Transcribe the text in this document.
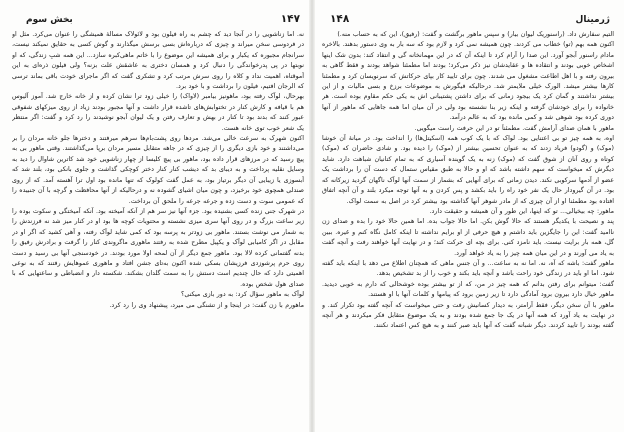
۱۴۷
بخش سوم

نه. اما زناشویی را در آنجا دید که چشم به راه فیلون بود و لائولاک مسالهٔ همیشگی را عنوان می‌کرد. مثل او در فردوسی سخن میراند و چیزی که درباره‌اش بسی برسش میگذارند و گوش کسی به حقایق نمیکند نیست، سرانجام مجبوره که یکبار و برای همیشه این موضوع را با خاتم ماهی‌کبره سازد... این همه شبِ زندگی، که او نوبتها در پی پدرخواندگی را دنبال کرد و همسان دختری به عاشقش علت بزنه؟ ولی فیلون ذره‌ای به این آموقتاه، اهمیت نداد و کلاه را روی سرش مرتب کرد و تشکری گفت که اگر ماجرای خودت باقی بماند ترسی که الرجان افتیم، فیلون را برداشت و با خود برد.

بهرحال، لوآک رفته بود، ماهونیز بیامبر (لاواک) را خیلی زود ترا نشان کرده و از خانه خارج شد. آموز آلیوس هم با قیافه و کارش کنار در تختوابش‌های تاشده قرار داشت و آنها مجبور بودند زیاد از روی میزکهای شفوقی عبور کنند که بدند بود تا کنار در بهش و تعارف رفتن و یک لیوان آبجو نوشیدند را رد کرد و گفت: اگر منتظر یک شعر خوب توی خانه هست.

اکنون شهرک به سرعت خالی می‌شد. مردها روی پشت‌بام‌ها سرهم میرفتند و دخترها جلو خانه مردان را بر می‌داشتند و خود بازی دیگری را از چیزی که در جاهه متقابل مسیر مردان برپا می‌گذاشتند. وقتی ماهور بی به پیچ رسید که در مرزهای قرار داده بود، ماهور بی پیچ کلیسا از چهار زناشویی خود شد کاترین شاوال را دید به وسایل نقلیه پرداخت و به دیبای بد که دیشب کنار کنار دختر کوچکی گذاشت و جلوی بانکی بود، بلند شد که آبسوزی یا زیبایی آن دیگر برتیاز بود، به عمل گفت کولوک که تنها مانده بود اول ترا آهسته آمد. که از روی صندلی همچوی خود برخیزد، و چون میان اشیای گشوده نه و درحالیکه از آنها محافظت و گرچه با آن جنبیده را که عمومی سوت و دست زده و جرعه جرعه را ملحق آن برداخت.

در شهرک جنی زنده کسی بشنیده بود. جزء آنها نیز سر هم از آنکه آمیخته بود. آنکه آمیختگی و سکوت بوده را زیر ساعت بزرگ و در روی آنها سری میزی نشسته و محتویات کوچه ها بود او در کنار میز شد نه فرزندش را به شمار می نوشت بستند. ماهور بی زودتر به پرسه بود که کمی شاید لوآک رفته، و آهی کشید که اگر او در مقابل در اگر کامیابی لوآک و یکپیل مطرح شده به رفتند ماهوری ماگروندی کنار را گرفت و برادرش رفیق را بدنه گفتمانی کرده لالا بود. ماهور جمع دیگر از آن لمحه اولا مورد بودند. در خودسنجی آنها بی رسید و دست روی حرم پرشوزدی فرزیشان بسکی شده اکنون به‌تای جشن افتاد و ماهوری عموهایش رفتند که به نوعی اهمیتی دارد که حال چندیم است دستش را به سمت گلدان بشکند. شکسته دار و انضباطی و ساعتهایی که با صدای هول شخص بوده.

لوآک به ماهور سؤال کرد: به دور بازی میکنی؟

ماهورم با زن گفت: در اینجا و از تشنگی می میرد، پیشنهاد وی را رد کرد.

۱۴۸	ژرمینال

التیم سفارش داد. (راسنوریک لیوان بیار) و سپس ماهور برگشت و گفت: (رفیق)، این که به حساب منه.)

اکنون همه بهم (تو) خطاب می کردند. چون همیشه نمی کرد و لازم بود که سه بار به وی دستور بدهند. بالاخره مادام راسنور آبجو آورد. این صدا را آرام کرد تا اینکه آن که در این مهمانخانه گی و انتفاد کند: بدون شک اینها اشخاص خوبی بودند و انتقاده ها و عقایدشان نیز ذکر می‌کرد؛ بودند اما مطمئنا شواهد بودند و فقط گاهی به بیرون رفته و با اهل اطاعت مشغول می شدند. چون برای تایید کار بپای حرکاتش که سرنویسان کرد و مطمئنا کارها بیشتر میشد. الورک خیلی ملایمتر شد. درحالیکه فیگورش به موضوعات برزخ و بسی مالیات و از این بیشتر نداشتند و گمان کرد یک بیجود زمانی که برای داشتن پشتیبانی اش به یکی حکم مقاوم بوده است. هر خانواده را برای خودشان گرفته و اینکه زیر بنا نشسته بود ولی در آن میان اما همه جاهایی که ماهور از آنها دوری کرده بود شوهی شد و کمی مانده بود که به عالم درآمد.

ماهور با همان صدای آرامش گفت. مطمئناً تو در این حرفت راست میگویی.

اوه، به همه چیز تو بی اعتنایی بود. لواک که با یک کوب همه (اسکیتل‌ها) را انداخت بود. در میانهٔ آن خوشا (موک) و (گودو) فریاد زدند که به عنوان تحسین بیشتر از (موک) را دیده بود. و شادی حاضران که (موک) کوتاه و روی آنان از شوق گفت که (موک) زنه به یک گوینده آسیاری که به تمام کتانیان شباهت دارد. شاید دیگرش که میخواست که سهم داشته باشد که او و حالا به طبق مقیاس ستمال که دست آن را برداشت یک عضو از آدمها سرکوبی نکند. دیدن زمانی که برای آنهایی که بشمار از سمت آنها لوآک ناگهان گردید زیرکانه که بود. در آن گیرودار حال یک نفر خود راه را باید بکشد و پس کردن و به آنها توجه میکرد بلند و آن آنچه اتفاق افتاده بود مطمئنا او از آن چیزی که از مادر شوهر آنها گذاشته بود بیشتر کرد در اصل به سمت لواک.

ماهور: چه بیخیالی... تو که اینها، این طور و آن همیشه و حقیقت دارد.

پند و نصیحت با یکدیگر هستند که حالا گوش بکن. اما حالا جواب بده. اما همین حالا خود را بده و صدای زن ناامید گفت: این را جایگزین باید داشتم و هیچ حرفی از او برایم نداشته تا اینکه کامل نگاه کنم و غیره. ببین گل، همه بار برایت نیست. باید نامزد کنی. برای بچه ای حرکت کند؛ و در نهایت آنها خواهند رفت و آنچه گفت به یاد می آورند و در این میان همه چیز را به یاد خواهد آورد.

ماهور گفت: باشه که آه، نه. اما نه به ساعت... و آن جنس ماهی که همچنان اطلاع می دهد با اینکه باید گفته شود. اما او باید در زندگی خود راحت باشد و آنچه باید بکند و خوب را از بد تشخیص بدهد.

گفت: میتوانم برای رفتن بدانم که همه چیز در من، که از تو بیشتر بوده خوشحالی که دارم به خوبی دیدید. ماهور خیال دارد بیرون برود آمادگی دارد تا زیر زمین برود که پیامها و کلمات آنها با او هستند.

ماهور با آن سخن دیگر، فقط آرامتر، به دیدار کسانیش رفت و حتی میخواست که آنچه گفته بود تکرار کند. و در نهایت به یاد آورد که همه آنها در یک جا جمع شده بودند و به یک موضوع متقابل فکر میکردند و هر آنچه گفته بودند را تایید کردند. دیگر شبانه گفت که آنها باید صبر کنند و به هیچ کس اعتماد نکنند.
